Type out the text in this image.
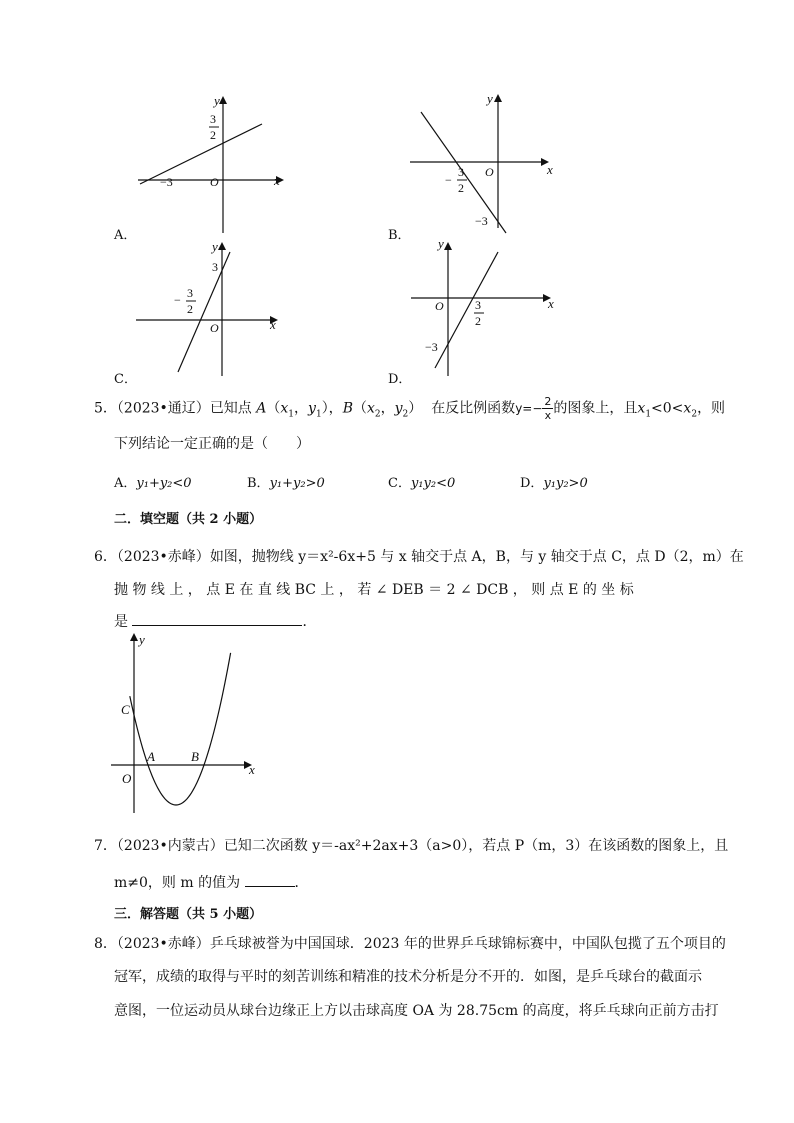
y
x
O
−3
3
2
A．
y
x
O
−
3
2
−3
B．
y
x
O
3
− 3
2
C．
y
x
O	3
2
−3
D．
5．（2023•通辽）已知点 $A(x_1$，$y_1$），$B(x_2$，$y_2$）  在反比例函数$y=- \frac{2}{x}$ 的图象上，且$x_1<0<x_2$，则
下列结论一定正确的是（　　）
A．y₁+y₂<0	B．y₁+y₂>0	C．y₁y₂<0	D．y₁y₂>0
二．填空题（共 2 小题）
6．（2023•赤峰）如图，抛物线 y＝x²-6x+5 与 x 轴交于点 A，B，与 y 轴交于点 C，点 D（2，m）在
抛 物 线 上 ， 点 E 在 直 线 BC 上 ， 若 ∠ DEB ＝ 2 ∠ DCB ， 则 点 E 的 坐 标
是	．
y
x
C
A	B
O
7．（2023•内蒙古）已知二次函数 y＝-ax²+2ax+3（a>0），若点 P（m，3）在该函数的图象上，且
m≠0，则 m 的值为	．
三．解答题（共 5 小题）
8．（2023•赤峰）乒乓球被誉为中国国球．2023 年的世界乒乓球锦标赛中，中国队包揽了五个项目的
冠军，成绩的取得与平时的刻苦训练和精准的技术分析是分不开的．如图，是乒乓球台的截面示
意图，一位运动员从球台边缘正上方以击球高度 OA 为 28.75cm 的高度，将乒乓球向正前方击打
